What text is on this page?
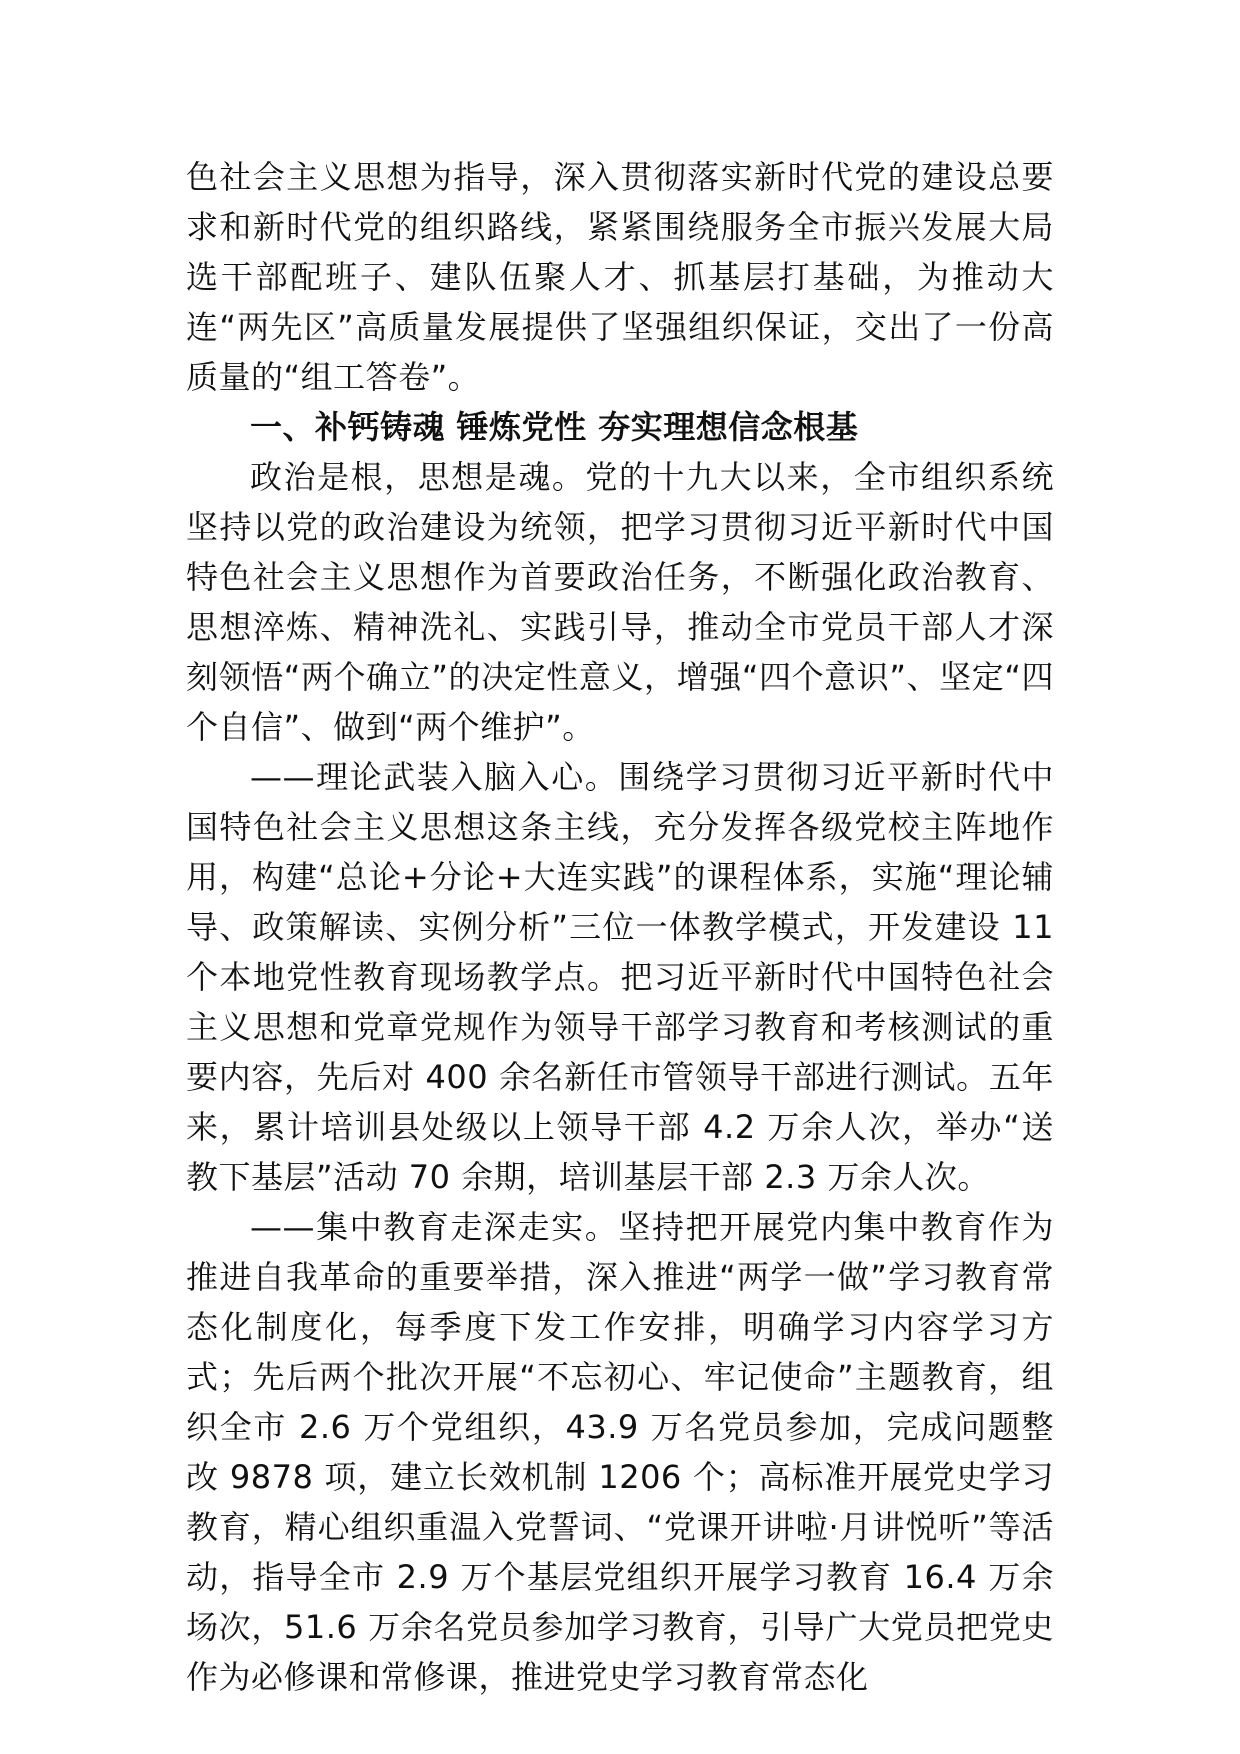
色社会主义思想为指导，深入贯彻落实新时代党的建设总要求和新时代党的组织路线，紧紧围绕服务全市振兴发展大局选干部配班子、建队伍聚人才、抓基层打基础，为推动大连“两先区”高质量发展提供了坚强组织保证，交出了一份高质量的“组工答卷”。

一、补钙铸魂 锤炼党性 夯实理想信念根基

政治是根，思想是魂。党的十九大以来，全市组织系统坚持以党的政治建设为统领，把学习贯彻习近平新时代中国特色社会主义思想作为首要政治任务，不断强化政治教育、思想淬炼、精神洗礼、实践引导，推动全市党员干部人才深刻领悟“两个确立”的决定性意义，增强“四个意识”、坚定“四个自信”、做到“两个维护”。

——理论武装入脑入心。围绕学习贯彻习近平新时代中国特色社会主义思想这条主线，充分发挥各级党校主阵地作用，构建“总论+分论+大连实践”的课程体系，实施“理论辅导、政策解读、实例分析”三位一体教学模式，开发建设 11 个本地党性教育现场教学点。把习近平新时代中国特色社会主义思想和党章党规作为领导干部学习教育和考核测试的重要内容，先后对 400 余名新任市管领导干部进行测试。五年来，累计培训县处级以上领导干部 4.2 万余人次，举办“送教下基层”活动 70 余期，培训基层干部 2.3 万余人次。

——集中教育走深走实。坚持把开展党内集中教育作为推进自我革命的重要举措，深入推进“两学一做”学习教育常态化制度化，每季度下发工作安排，明确学习内容学习方式；先后两个批次开展“不忘初心、牢记使命”主题教育，组织全市 2.6 万个党组织，43.9 万名党员参加，完成问题整改 9878 项，建立长效机制 1206 个；高标准开展党史学习教育，精心组织重温入党誓词、“党课开讲啦·月讲悦听”等活动，指导全市 2.9 万个基层党组织开展学习教育 16.4 万余场次，51.6 万余名党员参加学习教育，引导广大党员把党史作为必修课和常修课，推进党史学习教育常态化
